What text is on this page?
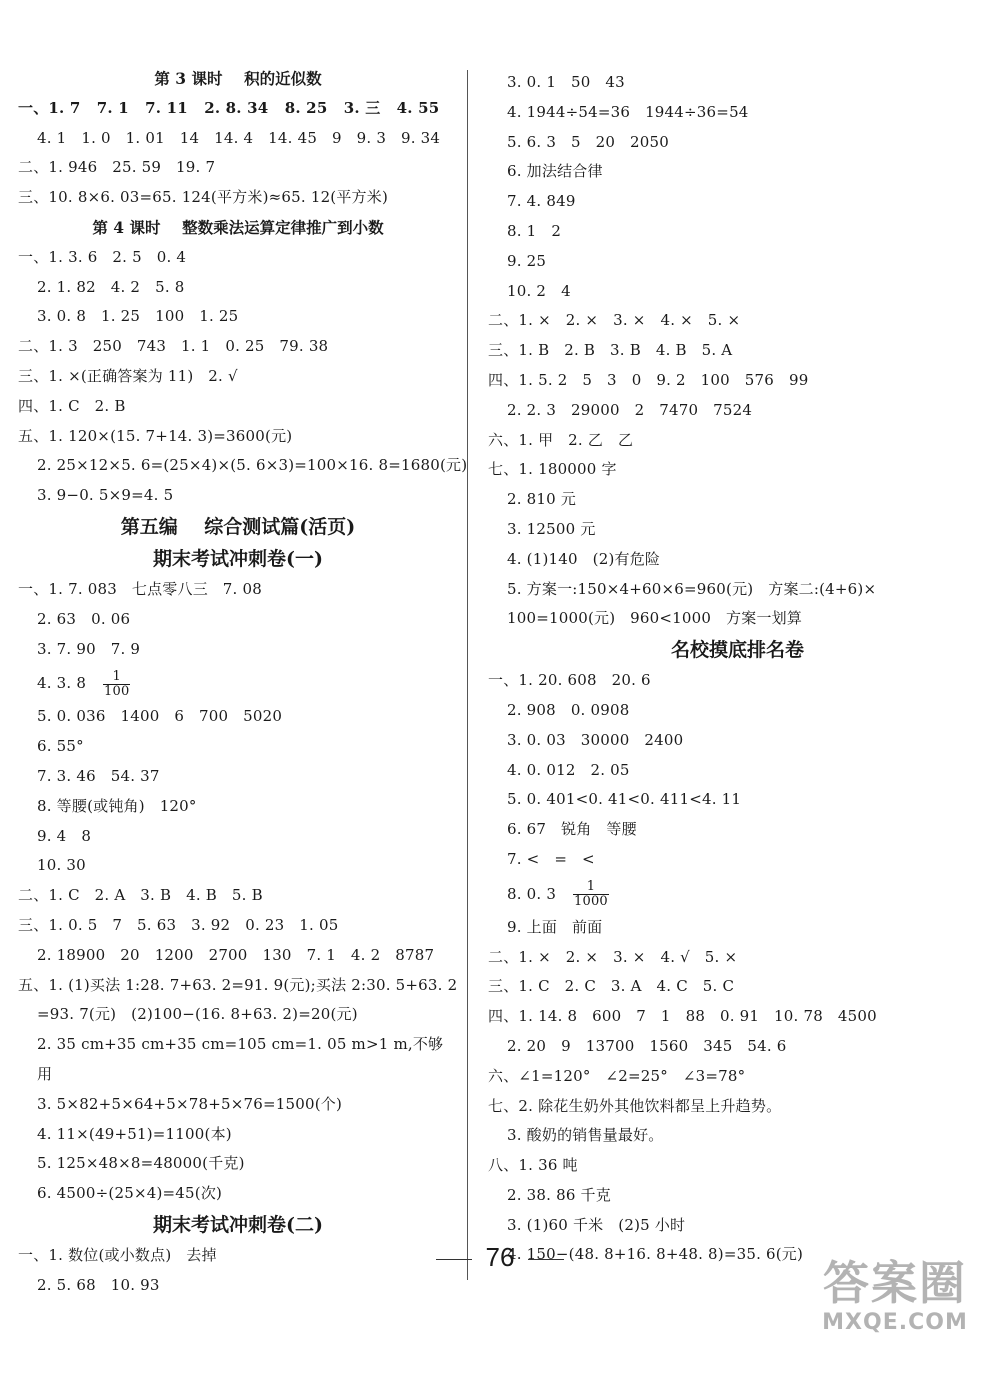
第 3 课时    积的近似数
一、1. 7   7. 1   7. 11   2. 8. 34   8. 25   3. 三   4. 55
4. 1   1. 0   1. 01   14   14. 4   14. 45   9   9. 3   9. 34
二、1. 946   25. 59   19. 7
三、10. 8×6. 03=65. 124(平方米)≈65. 12(平方米)
第 4 课时    整数乘法运算定律推广到小数
一、1. 3. 6   2. 5   0. 4
2. 1. 82   4. 2   5. 8
3. 0. 8   1. 25   100   1. 25
二、1. 3   250   743   1. 1   0. 25   79. 38
三、1. ×(正确答案为 11)   2. √
四、1. C   2. B
五、1. 120×(15. 7+14. 3)=3600(元)
2. 25×12×5. 6=(25×4)×(5. 6×3)=100×16. 8=1680(元)
3. 9−0. 5×9=4. 5
第五编    综合测试篇(活页)
期末考试冲刺卷(一)
一、1. 7. 083   七点零八三   7. 08
2. 63   0. 06
3. 7. 90   7. 9
4. 3. $8 \frac{1}{100}$
5. 0. 036   1400   6   700   5020
6. 55°
7. 3. 46   54. 37
8. 等腰(或钝角)   120°
9. 4   8
10. 30
二、1. C   2. A   3. B   4. B   5. B
三、1. 0. 5   7   5. 63   3. 92   0. 23   1. 05
2. 18900   20   1200   2700   130   7. 1   4. 2   8787
五、1. (1)买法 1:28. 7+63. 2=91. 9(元);买法 2:30. 5+63. 2
=93. 7(元)   (2)100−(16. 8+63. 2)=20(元)
2. 35 cm+35 cm+35 cm=105 cm=1. 05 m>1 m,不够
用
3. 5×82+5×64+5×78+5×76=1500(个)
4. 11×(49+51)=1100(本)
5. 125×48×8=48000(千克)
6. 4500÷(25×4)=45(次)
期末考试冲刺卷(二)
一、1. 数位(或小数点)   去掉
2. 5. 68   10. 93
3. 0. 1   50   43
4. 1944÷54=36   1944÷36=54
5. 6. 3   5   20   2050
6. 加法结合律
7. 4. 849
8. 1   2
9. 25
10. 2   4
二、1. ×   2. ×   3. ×   4. ×   5. ×
三、1. B   2. B   3. B   4. B   5. A
四、1. 5. 2   5   3   0   9. 2   100   576   99
2. 2. 3   29000   2   7470   7524
六、1. 甲   2. 乙   乙
七、1. 180000 字
2. 810 元
3. 12500 元
4. (1)140   (2)有危险
5. 方案一:150×4+60×6=960(元)   方案二:(4+6)×
100=1000(元)   960<1000   方案一划算
名校摸底排名卷
一、1. 20. 608   20. 6
2. 908   0. 0908
3. 0. 03   30000   2400
4. 0. 012   2. 05
5. 0. 401<0. 41<0. 411<4. 11
6. 67   锐角   等腰
7. <   =   <
8. 0. $3 \frac{1}{1000}$
9. 上面   前面
二、1. ×   2. ×   3. ×   4. √   5. ×
三、1. C   2. C   3. A   4. C   5. C
四、1. 14. 8   600   7   1   88   0. 91   10. 78   4500
2. 20   9   13700   1560   345   54. 6
六、∠1=120°   ∠2=25°   ∠3=78°
七、2. 除花生奶外其他饮料都呈上升趋势。
3. 酸奶的销售量最好。
八、1. 36 吨
2. 38. 86 千克
3. (1)60 千米   (2)5 小时
4. 150−(48. 8+16. 8+48. 8)=35. 6(元)
76	答案圈
MXQE.COM
